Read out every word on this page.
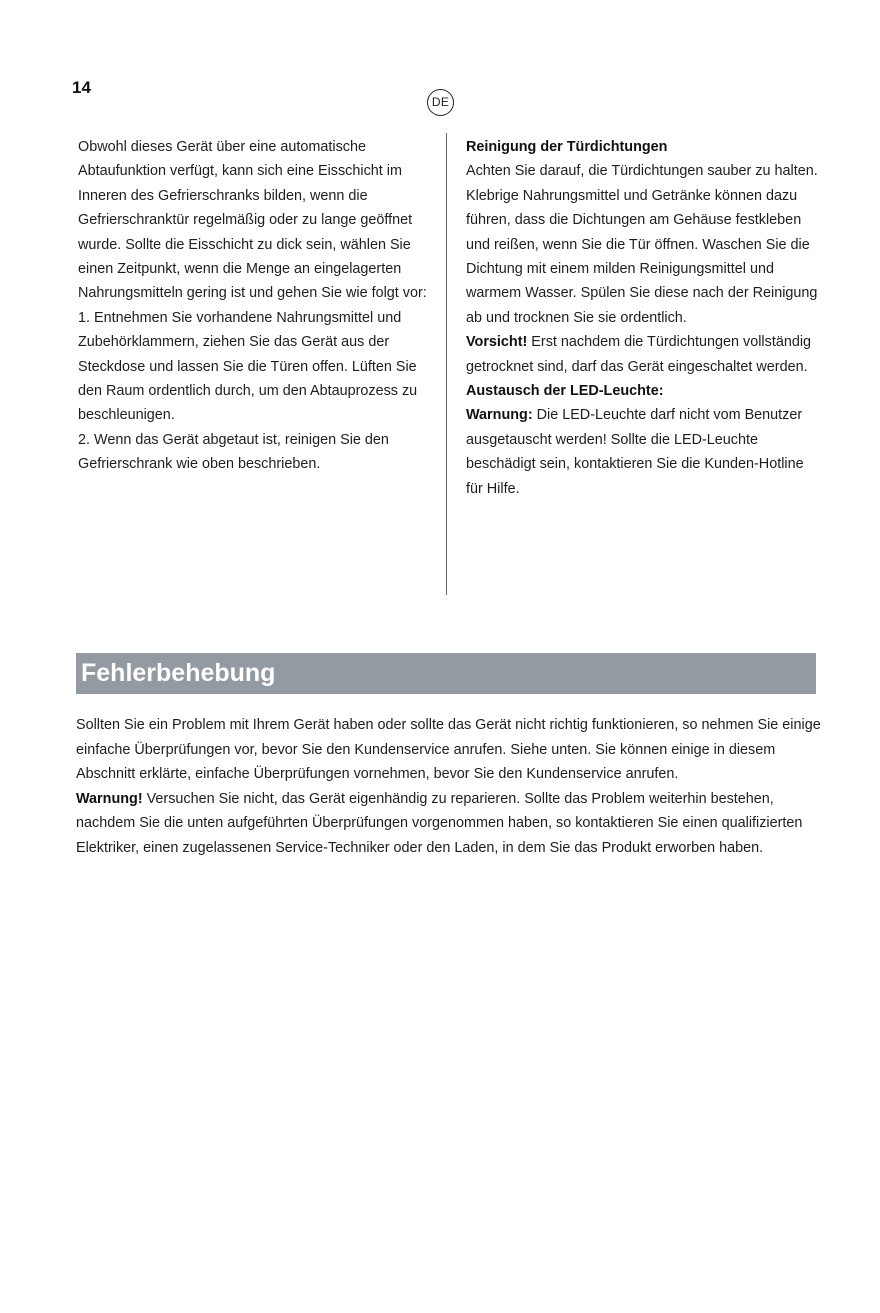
14
DE

Obwohl dieses Gerät über eine automatische Abtaufunktion verfügt, kann sich eine Eisschicht im Inneren des Gefrierschranks bilden, wenn die Gefrierschranktür regelmäßig oder zu lange geöffnet wurde. Sollte die Eisschicht zu dick sein, wählen Sie einen Zeitpunkt, wenn die Menge an eingelagerten Nahrungsmitteln gering ist und gehen Sie wie folgt vor:

1. Entnehmen Sie vorhandene Nahrungsmittel und Zubehörklammern, ziehen Sie das Gerät aus der Steckdose und lassen Sie die Türen offen. Lüften Sie den Raum ordentlich durch, um den Abtauprozess zu beschleunigen.

2. Wenn das Gerät abgetaut ist, reinigen Sie den Gefrierschrank wie oben beschrieben.

Reinigung der Türdichtungen

Achten Sie darauf, die Türdichtungen sauber zu halten. Klebrige Nahrungsmittel und Getränke können dazu führen, dass die Dichtungen am Gehäuse festkleben und reißen, wenn Sie die Tür öffnen. Waschen Sie die Dichtung mit einem milden Reinigungsmittel und warmem Wasser. Spülen Sie diese nach der Reinigung ab und trocknen Sie sie ordentlich.

Vorsicht! Erst nachdem die Türdichtungen vollständig getrocknet sind, darf das Gerät eingeschaltet werden.

Austausch der LED-Leuchte:

Warnung: Die LED-Leuchte darf nicht vom Benutzer ausgetauscht werden! Sollte die LED-Leuchte beschädigt sein, kontaktieren Sie die Kunden-Hotline für Hilfe.

Fehlerbehebung

Sollten Sie ein Problem mit Ihrem Gerät haben oder sollte das Gerät nicht richtig funktionieren, so nehmen Sie einige einfache Überprüfungen vor, bevor Sie den Kundenservice anrufen. Siehe unten. Sie können einige in diesem Abschnitt erklärte, einfache Überprüfungen vornehmen, bevor Sie den Kundenservice anrufen.

Warnung! Versuchen Sie nicht, das Gerät eigenhändig zu reparieren. Sollte das Problem weiterhin bestehen, nachdem Sie die unten aufgeführten Überprüfungen vorgenommen haben, so kontaktieren Sie einen qualifizierten Elektriker, einen zugelassenen Service-Techniker oder den Laden, in dem Sie das Produkt erworben haben.
